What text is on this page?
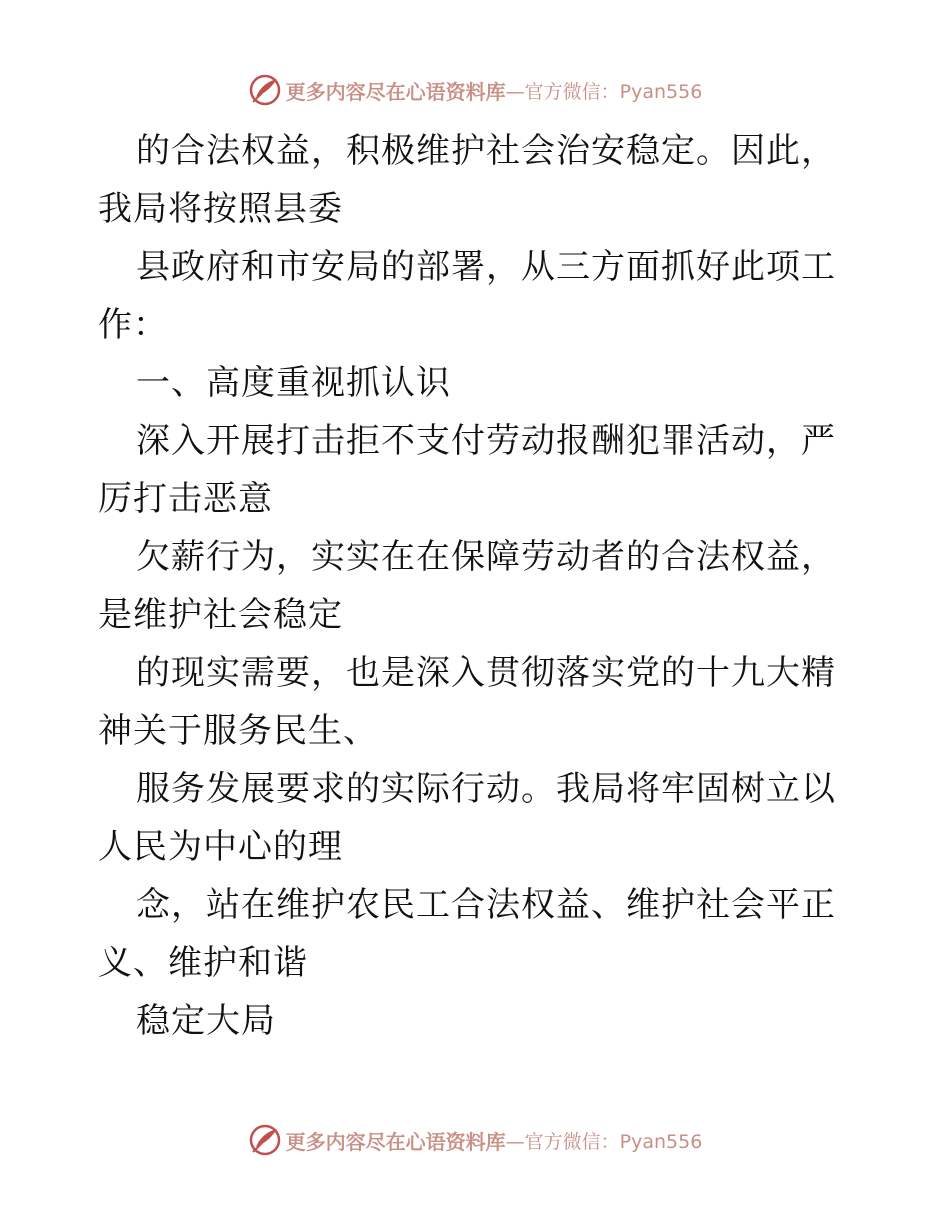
更多内容尽在心语资料库 —官方微信：Pyan556

的合法权益，积极维护社会治安稳定。因此，我局将按照县委

县政府和市安局的部署，从三方面抓好此项工作：

一、高度重视抓认识

深入开展打击拒不支付劳动报酬犯罪活动，严厉打击恶意

欠薪行为，实实在在保障劳动者的合法权益，是维护社会稳定

的现实需要，也是深入贯彻落实党的十九大精神关于服务民生、

服务发展要求的实际行动。我局将牢固树立以人民为中心的理

念，站在维护农民工合法权益、维护社会平正义、维护和谐

稳定大局

更多内容尽在心语资料库 —官方微信：Pyan556
